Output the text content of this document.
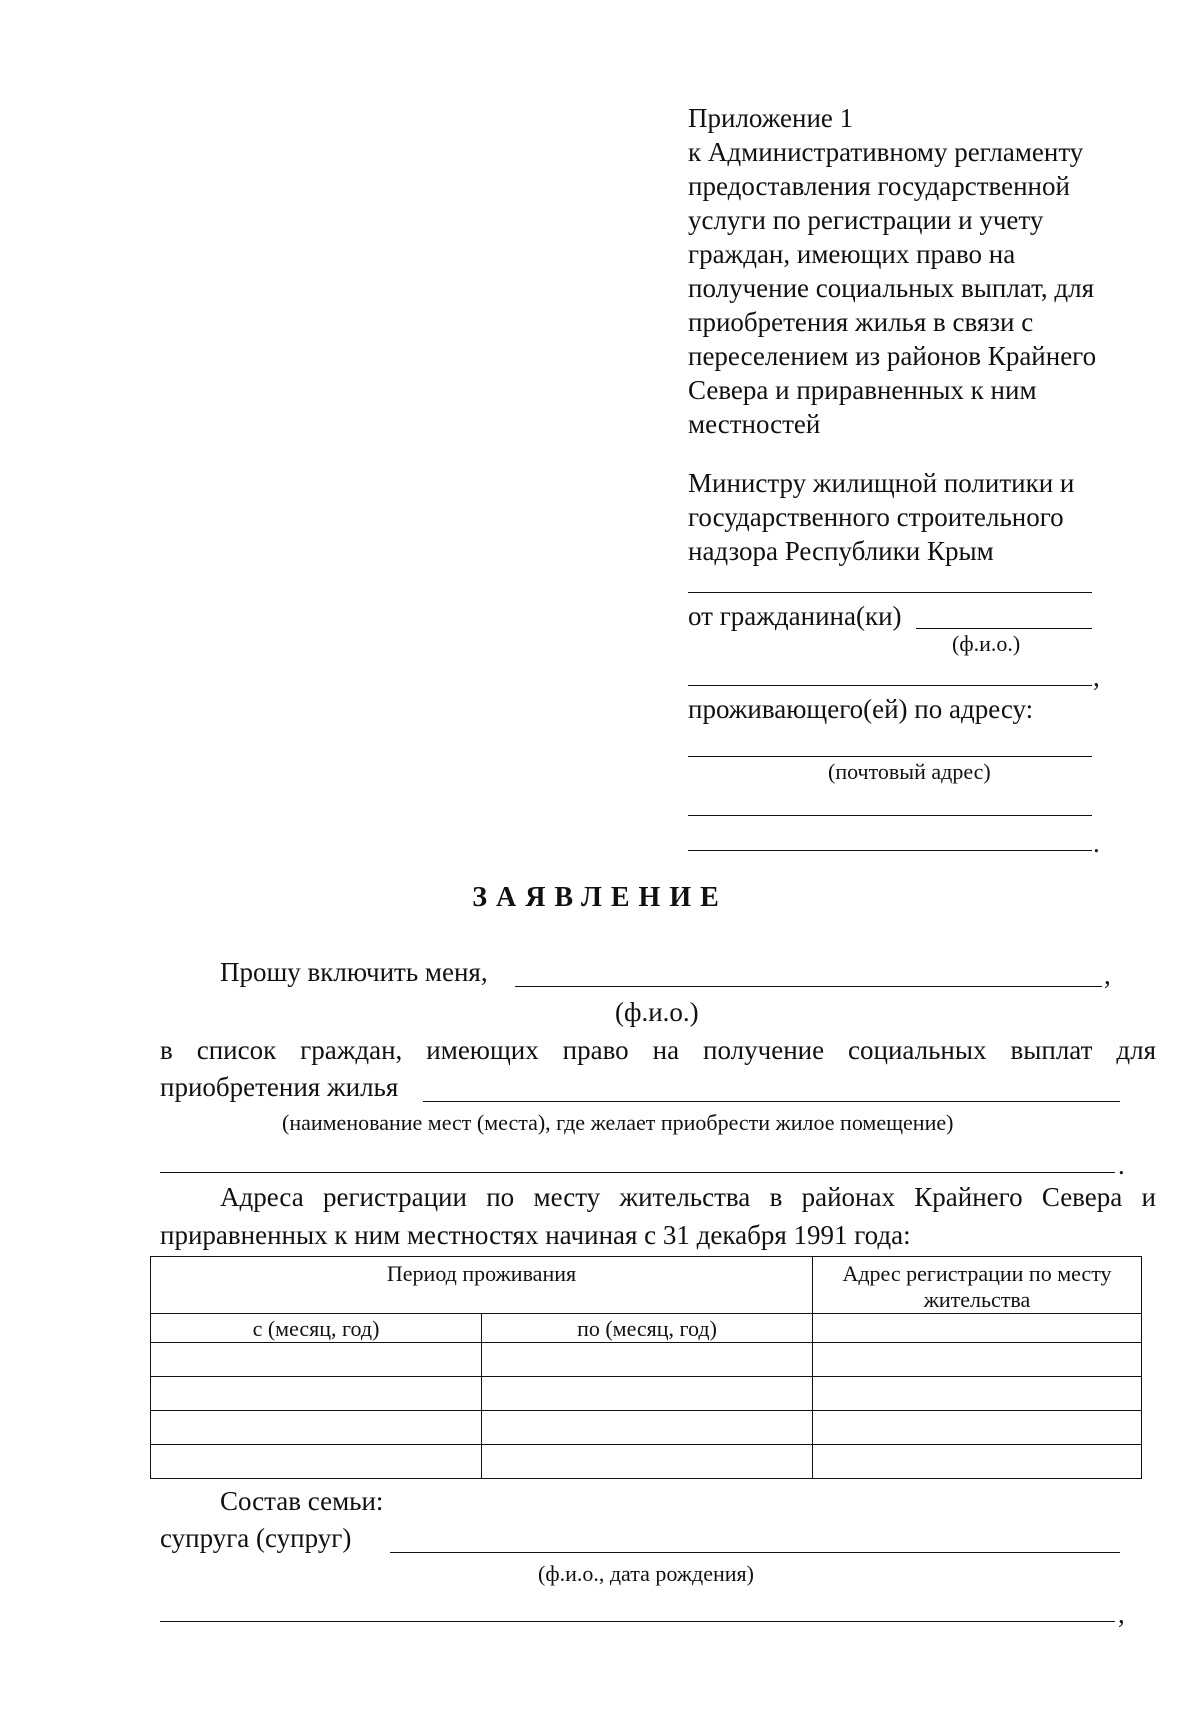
Приложение 1
к Административному регламенту
предоставления государственной
услуги по регистрации и учету
граждан, имеющих право на
получение социальных выплат, для
приобретения жилья в связи с
переселением из районов Крайнего
Севера и приравненных к ним
местностей
Министру жилищной политики и
государственного строительного
надзора Республики Крым
от гражданина(ки)
(ф.и.о.)
,
проживающего(ей) по адресу:
(почтовый адрес)
.
ЗАЯВЛЕНИЕ
Прошу включить меня,	,
(ф.и.о.)
в список граждан, имеющих право на получение социальных выплат для
приобретения жилья
(наименование мест (места), где желает приобрести жилое помещение)
.
Адреса регистрации по месту жительства в районах Крайнего Севера и
приравненных к ним местностях начиная с 31 декабря 1991 года:
Период проживания		Адрес регистрации по месту жительства
с (месяц, год)	по (месяц, год)	

Состав семьи:
супруга (супруг)
(ф.и.о., дата рождения)
,
